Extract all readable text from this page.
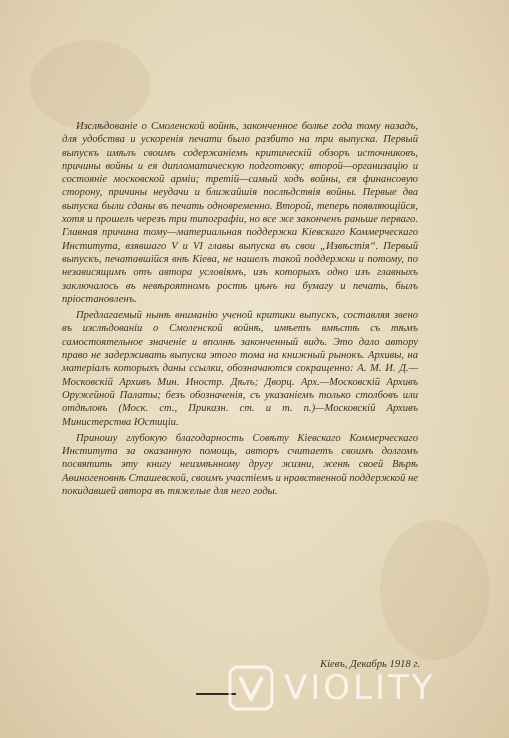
Изслѣдованіе о Смоленской войнѣ, законченное болѣе года тому назадъ, для удобства и ускоренія печати было разбито на три выпуска. Первый выпускъ имѣлъ своимъ содержаніемъ критическій обзоръ источниковъ, причины войны и ея дипломатическую подготовку; второй—организацію и состояніе московской арміи; третій—самый ходъ войны, ея финансовую сторону, причины неудачи и ближайшія послѣдствія войны. Первые два выпуска были сданы въ печать одновременно. Второй, теперь появляющійся, хотя и прошелъ черезъ три типографіи, но все же законченъ раньше перваго. Главная причина тому—материальная поддержка Кіевскаго Коммерческаго Института, взявшаго V и VI главы выпуска въ свои „Извѣстія“. Первый выпускъ, печатавшійся внѣ Кіева, не нашелъ такой поддержки и потому, по независящимъ отъ автора условіямъ, изъ которыхъ одно изъ главныхъ заключалось въ невѣроятномъ ростѣ цѣнъ на бумагу и печать, былъ пріостановленъ.

Предлагаемый нынѣ вниманію ученой критики выпускъ, составляя звено въ изслѣдованіи о Смоленской войнѣ, имѣетъ вмѣстѣ съ тѣмъ самостоятельное значеніе и вполнѣ законченный видъ. Это дало автору право не задерживать выпуска этого тома на книжный рынокъ. Архивы, на матеріалъ которыхъ даны ссылки, обозначаются сокращенно: А. М. И. Д.—Московскій Архивъ Мин. Иностр. Дѣлъ; Дворц. Арх.—Московскій Архивъ Оружейной Палаты; безъ обозначенія, съ указаніемъ только столбовъ или отдѣловъ (Моск. ст., Приказн. ст. и т. п.)—Московскій Архивъ Министерства Юстиціи.

Приношу глубокую благодарность Совѣту Кіевскаго Коммерческаго Института за оказанную помощь, авторъ считаетъ своимъ долгомъ посвятить эту книгу неизмѣнному другу жизни, женѣ своей Вѣрѣ Аѳиногеновнѣ Сташевской, своимъ участіемъ и нравственной поддержкой не покидавшей автора въ тяжелые для него годы.

Кіевъ, Декабрь 1918 г.
VIOLITY
